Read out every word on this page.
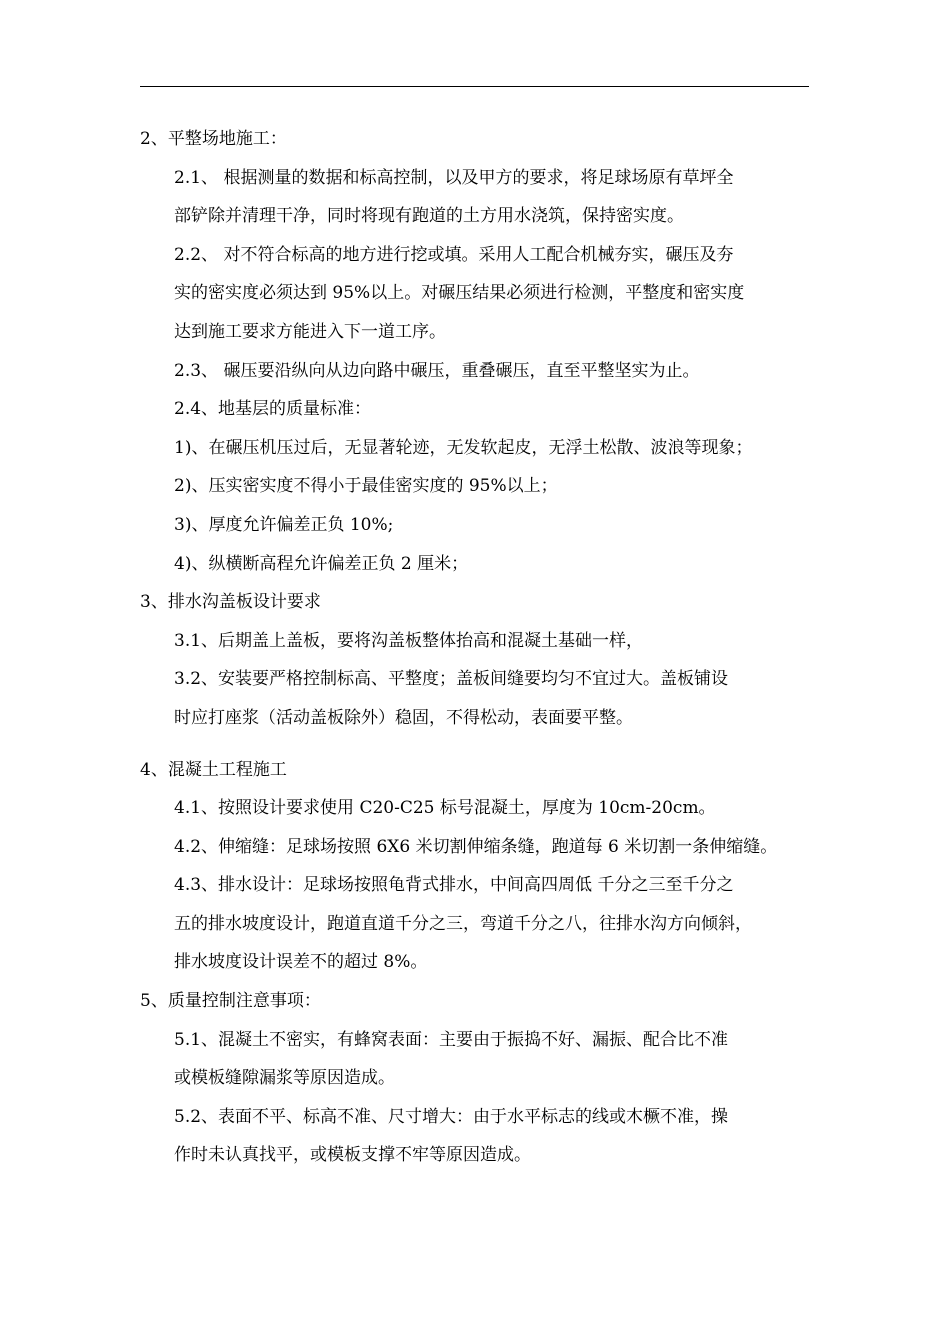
2、平整场地施工：
2.1、 根据测量的数据和标高控制，以及甲方的要求，将足球场原有草坪全
部铲除并清理干净，同时将现有跑道的土方用水浇筑，保持密实度。
2.2、 对不符合标高的地方进行挖或填。采用人工配合机械夯实，碾压及夯
实的密实度必须达到 95%以上。对碾压结果必须进行检测，平整度和密实度
达到施工要求方能进入下一道工序。
2.3、 碾压要沿纵向从边向路中碾压，重叠碾压，直至平整坚实为止。
2.4、地基层的质量标准：
1)、在碾压机压过后，无显著轮迹，无发软起皮，无浮土松散、波浪等现象；
2)、压实密实度不得小于最佳密实度的 95%以上；
3)、厚度允许偏差正负 10%;
4)、纵横断高程允许偏差正负 2 厘米；
3、排水沟盖板设计要求
3.1、后期盖上盖板，要将沟盖板整体抬高和混凝土基础一样，
3.2、安装要严格控制标高、平整度；盖板间缝要均匀不宜过大。盖板铺设
时应打座浆（活动盖板除外）稳固，不得松动，表面要平整。
4、混凝土工程施工
4.1、按照设计要求使用 C20-C25 标号混凝土，厚度为 10cm-20cm。
4.2、伸缩缝：足球场按照 6X6 米切割伸缩条缝，跑道每 6 米切割一条伸缩缝。
4.3、排水设计：足球场按照龟背式排水，中间高四周低 千分之三至千分之
五的排水坡度设计，跑道直道千分之三，弯道千分之八，往排水沟方向倾斜，
排水坡度设计误差不的超过 8%。
5、质量控制注意事项：
5.1、混凝土不密实，有蜂窝表面：主要由于振捣不好、漏振、配合比不准
或模板缝隙漏浆等原因造成。
5.2、表面不平、标高不准、尺寸增大：由于水平标志的线或木橛不准，操
作时未认真找平，或模板支撑不牢等原因造成。
